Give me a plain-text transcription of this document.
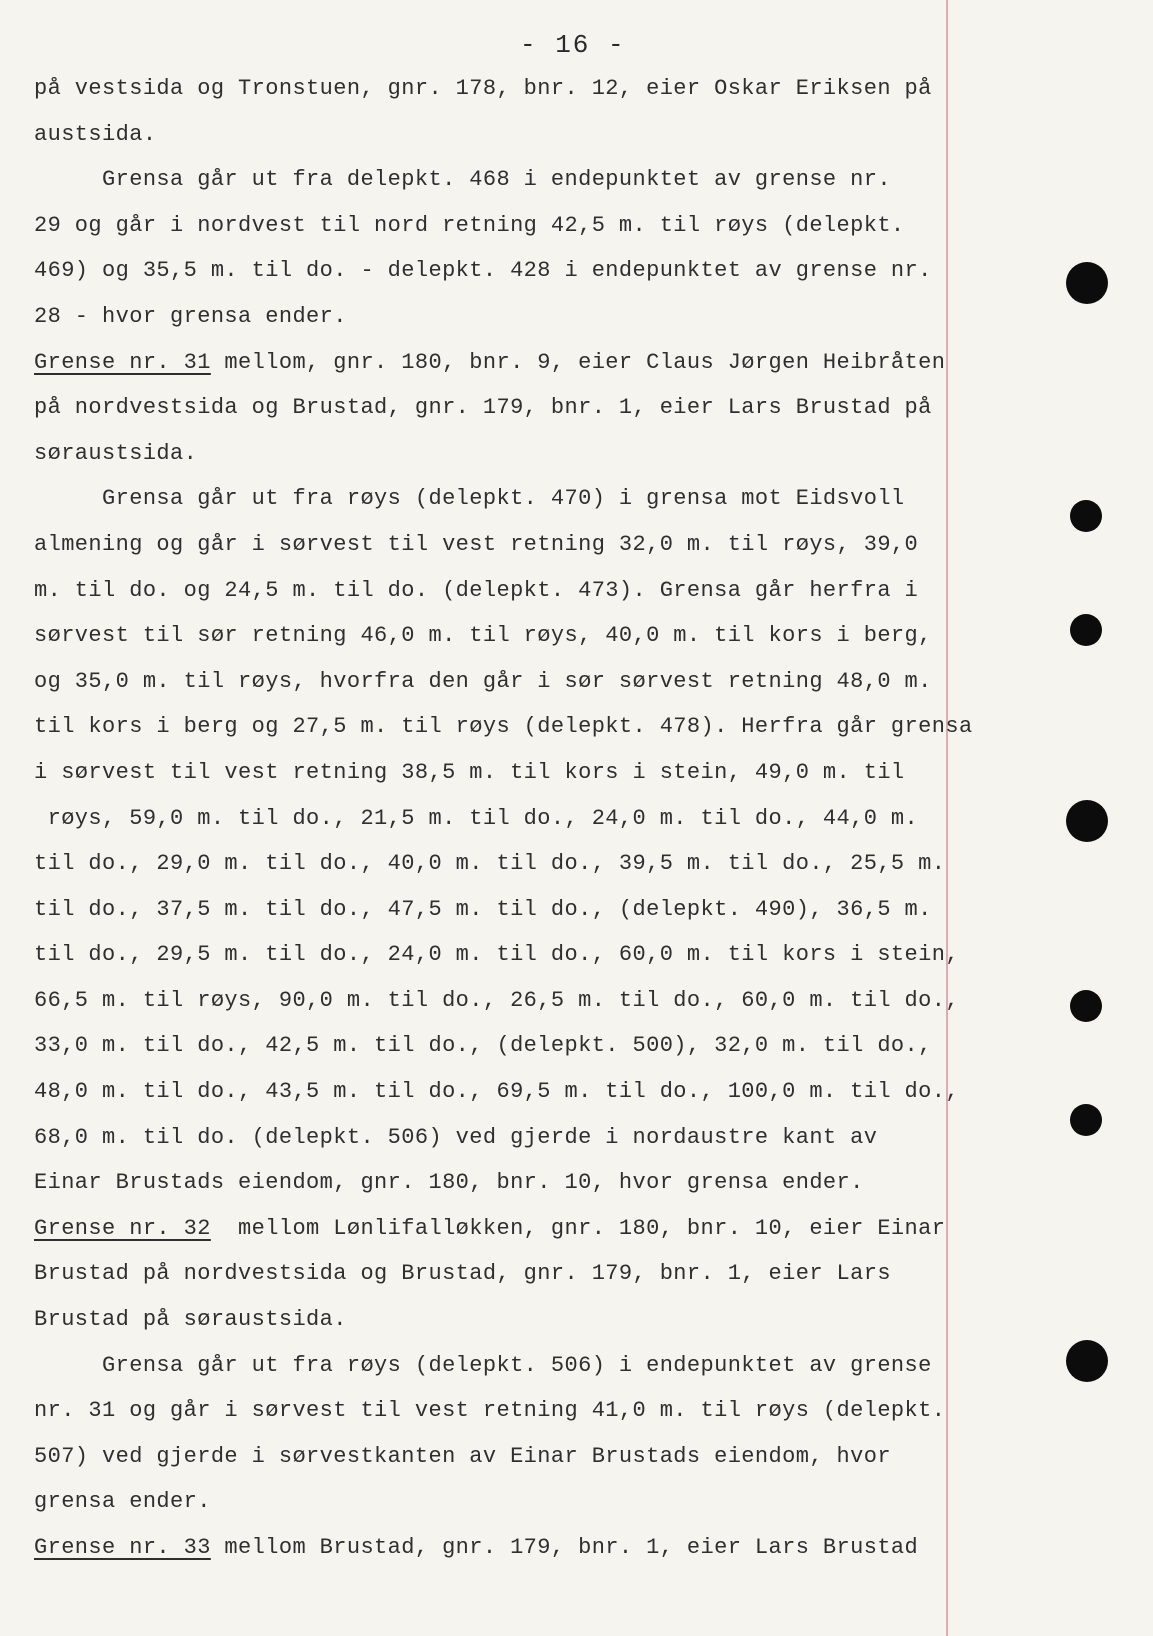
- 16 -
på vestsida og Tronstuen, gnr. 178, bnr. 12, eier Oskar Eriksen på
austsida.
Grensa går ut fra delepkt. 468 i endepunktet av grense nr.
29 og går i nordvest til nord retning 42,5 m. til røys (delepkt.
469) og 35,5 m. til do. - delepkt. 428 i endepunktet av grense nr.
28 - hvor grensa ender.
Grense nr. 31 mellom, gnr. 180, bnr. 9, eier Claus Jørgen Heibråten
på nordvestsida og Brustad, gnr. 179, bnr. 1, eier Lars Brustad på
søraustsida.
Grensa går ut fra røys (delepkt. 470) i grensa mot Eidsvoll
almening og går i sørvest til vest retning 32,0 m. til røys, 39,0
m. til do. og 24,5 m. til do. (delepkt. 473). Grensa går herfra i
sørvest til sør retning 46,0 m. til røys, 40,0 m. til kors i berg,
og 35,0 m. til røys, hvorfra den går i sør sørvest retning 48,0 m.
til kors i berg og 27,5 m. til røys (delepkt. 478). Herfra går grensa
i sørvest til vest retning 38,5 m. til kors i stein, 49,0 m. til
røys, 59,0 m. til do., 21,5 m. til do., 24,0 m. til do., 44,0 m.
til do., 29,0 m. til do., 40,0 m. til do., 39,5 m. til do., 25,5 m.
til do., 37,5 m. til do., 47,5 m. til do., (delepkt. 490), 36,5 m.
til do., 29,5 m. til do., 24,0 m. til do., 60,0 m. til kors i stein,
66,5 m. til røys, 90,0 m. til do., 26,5 m. til do., 60,0 m. til do.,
33,0 m. til do., 42,5 m. til do., (delepkt. 500), 32,0 m. til do.,
48,0 m. til do., 43,5 m. til do., 69,5 m. til do., 100,0 m. til do.,
68,0 m. til do. (delepkt. 506) ved gjerde i nordaustre kant av
Einar Brustads eiendom, gnr. 180, bnr. 10, hvor grensa ender.
Grense nr. 32  mellom Lønlifalløkken, gnr. 180, bnr. 10, eier Einar
Brustad på nordvestsida og Brustad, gnr. 179, bnr. 1, eier Lars
Brustad på søraustsida.
Grensa går ut fra røys (delepkt. 506) i endepunktet av grense
nr. 31 og går i sørvest til vest retning 41,0 m. til røys (delepkt.
507) ved gjerde i sørvestkanten av Einar Brustads eiendom, hvor
grensa ender.
Grense nr. 33 mellom Brustad, gnr. 179, bnr. 1, eier Lars Brustad
